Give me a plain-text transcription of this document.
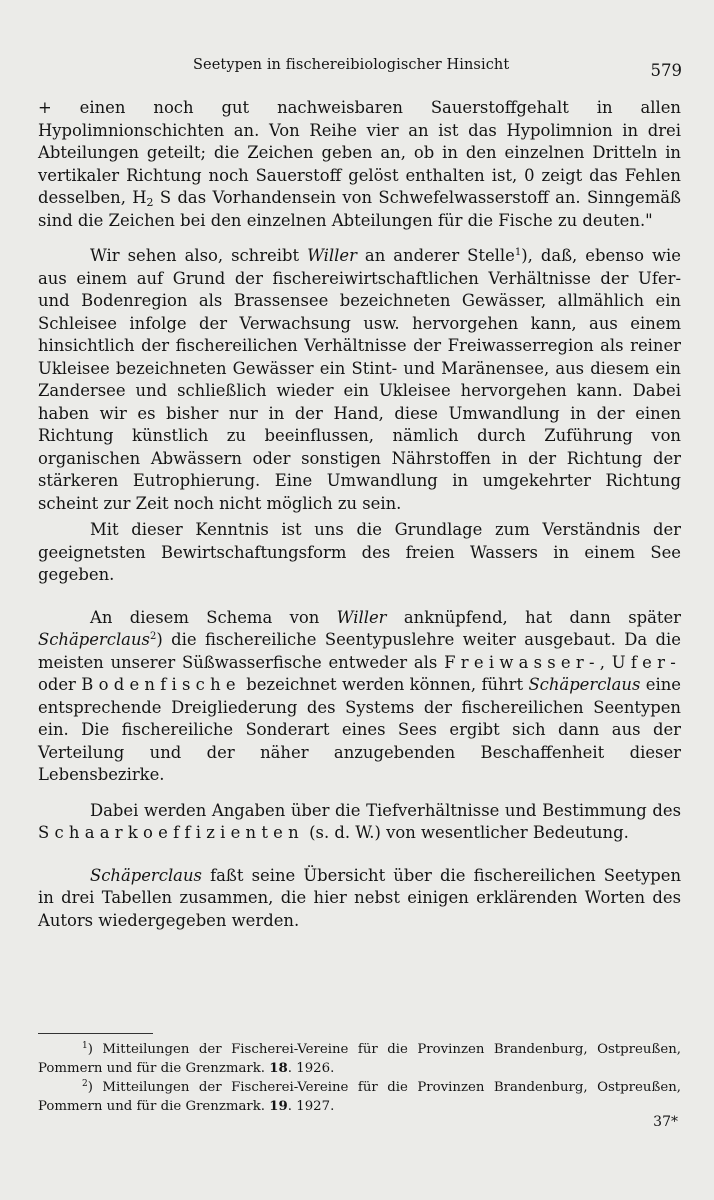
Seetypen in fischereibiologischer Hinsicht	579

+ einen noch gut nachweisbaren Sauerstoffgehalt in allen Hypolimnionschichten an. Von Reihe vier an ist das Hypolimnion in drei Abteilungen geteilt; die Zeichen geben an, ob in den einzelnen Dritteln in vertikaler Richtung noch Sauerstoff gelöst enthalten ist, 0 zeigt das Fehlen desselben, $H_2$ S das Vorhandensein von Schwefelwasserstoff an. Sinngemäß sind die Zeichen bei den einzelnen Abteilungen für die Fische zu deuten."

Wir sehen also, schreibt Willer an anderer Stelle$^1$), daß, ebenso wie aus einem auf Grund der fischereiwirtschaftlichen Verhältnisse der Ufer- und Bodenregion als Brassensee bezeichneten Gewässer, allmählich ein Schleisee infolge der Verwachsung usw. hervorgehen kann, aus einem hinsichtlich der fischereilichen Verhältnisse der Freiwasserregion als reiner Ukleisee bezeichneten Gewässer ein Stint- und Maränensee, aus diesem ein Zandersee und schließlich wieder ein Ukleisee hervorgehen kann. Dabei haben wir es bisher nur in der Hand, diese Umwandlung in der einen Richtung künstlich zu beeinflussen, nämlich durch Zuführung von organischen Abwässern oder sonstigen Nährstoffen in der Richtung der stärkeren Eutrophierung. Eine Umwandlung in umgekehrter Richtung scheint zur Zeit noch nicht möglich zu sein.

Mit dieser Kenntnis ist uns die Grundlage zum Verständnis der geeignetsten Bewirtschaftungsform des freien Wassers in einem See gegeben.

An diesem Schema von Willer anknüpfend, hat dann später Schäperclaus$^2$) die fischereiliche Seentypuslehre weiter ausgebaut. Da die meisten unserer Süßwasserfische entweder als Freiwasser-, Ufer- oder Bodenfische bezeichnet werden können, führt Schäperclaus eine entsprechende Dreigliederung des Systems der fischereilichen Seentypen ein. Die fischereiliche Sonderart eines Sees ergibt sich dann aus der Verteilung und der näher anzugebenden Beschaffenheit dieser Lebensbezirke.

Dabei werden Angaben über die Tiefverhältnisse und Bestimmung des Schaarkoeffizienten (s. d. W.) von wesentlicher Bedeutung.

Schäperclaus faßt seine Übersicht über die fischereilichen Seetypen in drei Tabellen zusammen, die hier nebst einigen erklärenden Worten des Autors wiedergegeben werden.

$^1$) Mitteilungen der Fischerei-Vereine für die Provinzen Brandenburg, Ostpreußen, Pommern und für die Grenzmark. 18. 1926.

$^2$) Mitteilungen der Fischerei-Vereine für die Provinzen Brandenburg, Ostpreußen, Pommern und für die Grenzmark. 19. 1927.

37*
